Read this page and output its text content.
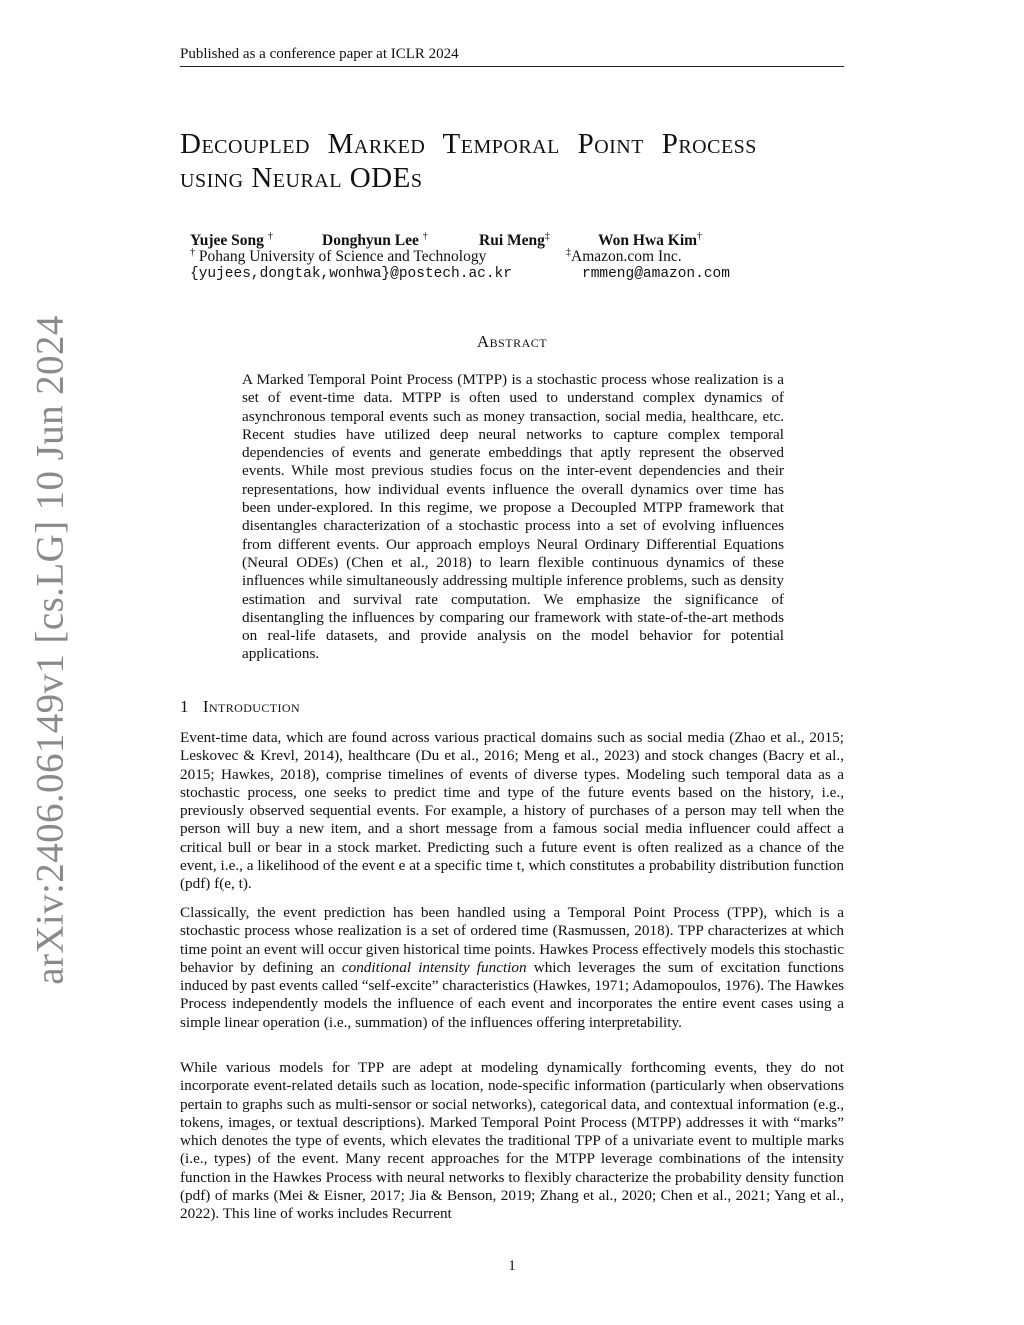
Published as a conference paper at ICLR 2024
arXiv:2406.06149v1 [cs.LG] 10 Jun 2024
Decoupled Marked Temporal Point Process
using Neural ODEs
Yujee Song †	Donghyun Lee †	Rui Meng‡	Won Hwa Kim†
† Pohang University of Science and Technology	‡Amazon.com Inc.
{yujees,dongtak,wonhwa}@postech.ac.kr	rmmeng@amazon.com
Abstract
A Marked Temporal Point Process (MTPP) is a stochastic process whose realization is a set of event-time data. MTPP is often used to understand complex dynamics of asynchronous temporal events such as money transaction, social media, healthcare, etc. Recent studies have utilized deep neural networks to capture complex temporal dependencies of events and generate embeddings that aptly represent the observed events. While most previous studies focus on the inter-event dependencies and their representations, how individual events influence the overall dynamics over time has been under-explored. In this regime, we propose a Decoupled MTPP framework that disentangles characterization of a stochastic process into a set of evolving influences from different events. Our approach employs Neural Ordinary Differential Equations (Neural ODEs) (Chen et al., 2018) to learn flexible continuous dynamics of these influences while simultaneously addressing multiple inference problems, such as density estimation and survival rate computation. We emphasize the significance of disentangling the influences by comparing our framework with state-of-the-art methods on real-life datasets, and provide analysis on the model behavior for potential applications.
1 Introduction
Event-time data, which are found across various practical domains such as social media (Zhao et al., 2015; Leskovec & Krevl, 2014), healthcare (Du et al., 2016; Meng et al., 2023) and stock changes (Bacry et al., 2015; Hawkes, 2018), comprise timelines of events of diverse types. Modeling such temporal data as a stochastic process, one seeks to predict time and type of the future events based on the history, i.e., previously observed sequential events. For example, a history of purchases of a person may tell when the person will buy a new item, and a short message from a famous social media influencer could affect a critical bull or bear in a stock market. Predicting such a future event is often realized as a chance of the event, i.e., a likelihood of the event e at a specific time t, which constitutes a probability distribution function (pdf) f(e, t).
Classically, the event prediction has been handled using a Temporal Point Process (TPP), which is a stochastic process whose realization is a set of ordered time (Rasmussen, 2018). TPP characterizes at which time point an event will occur given historical time points. Hawkes Process effectively models this stochastic behavior by defining an conditional intensity function which leverages the sum of excitation functions induced by past events called “self-excite” characteristics (Hawkes, 1971; Adamopoulos, 1976). The Hawkes Process independently models the influence of each event and incorporates the entire event cases using a simple linear operation (i.e., summation) of the influences offering interpretability.
While various models for TPP are adept at modeling dynamically forthcoming events, they do not incorporate event-related details such as location, node-specific information (particularly when observations pertain to graphs such as multi-sensor or social networks), categorical data, and contextual information (e.g., tokens, images, or textual descriptions). Marked Temporal Point Process (MTPP) addresses it with “marks” which denotes the type of events, which elevates the traditional TPP of a univariate event to multiple marks (i.e., types) of the event. Many recent approaches for the MTPP leverage combinations of the intensity function in the Hawkes Process with neural networks to flexibly characterize the probability density function (pdf) of marks (Mei & Eisner, 2017; Jia & Benson, 2019; Zhang et al., 2020; Chen et al., 2021; Yang et al., 2022). This line of works includes Recurrent
1
